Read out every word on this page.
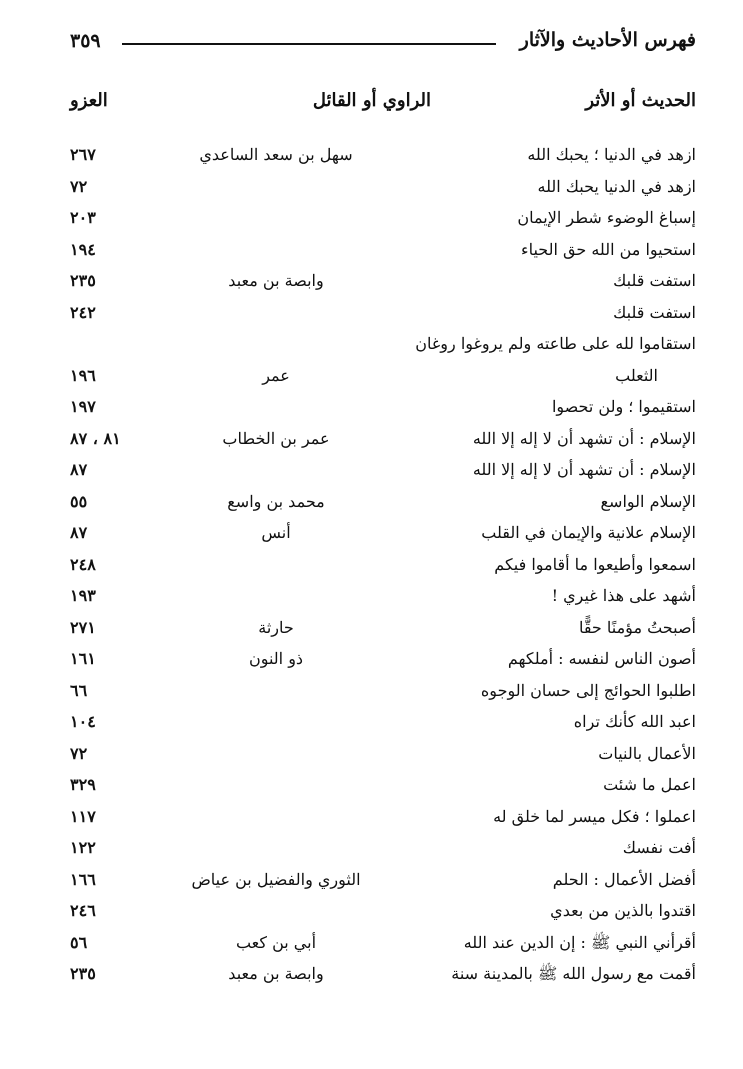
٣٥٩	فهرس الأحاديث والآثار
الحديث أو الأثر
الراوي أو القائل
العزو
ازهد في الدنيا ؛ يحبك الله
سهل بن سعد الساعدي
٢٦٧
ازهد في الدنيا يحبك الله
٧٢
إسباغ الوضوء شطر الإيمان
٢٠٣
استحيوا من الله حق الحياء
١٩٤
استفت قلبك
وابصة بن معبد
٢٣٥
استفت قلبك
٢٤٢
استقاموا لله على طاعته ولم يروغوا روغان
الثعلب
عمر
١٩٦
استقيموا ؛ ولن تحصوا
١٩٧
الإسلام : أن تشهد أن لا إله إلا الله
عمر بن الخطاب
٨١ ، ٨٧
الإسلام : أن تشهد أن لا إله إلا الله
٨٧
الإسلام الواسع
محمد بن واسع
٥٥
الإسلام علانية والإيمان في القلب
أنس
٨٧
اسمعوا وأطيعوا ما أقاموا فيكم
٢٤٨
أشهد على هذا غيري !
١٩٣
أصبحتُ مؤمنًا حقًّا
حارثة
٢٧١
أصون الناس لنفسه : أملكهم
ذو النون
١٦١
اطلبوا الحوائج إلى حسان الوجوه
٦٦
اعبد الله كأنك تراه
١٠٤
الأعمال بالنيات
٧٢
اعمل ما شئت
٣٢٩
اعملوا ؛ فكل ميسر لما خلق له
١١٧
أفت نفسك
١٢٢
أفضل الأعمال : الحلم
الثوري والفضيل بن عياض
١٦٦
اقتدوا بالذين من بعدي
٢٤٦
أقرأني النبي ﷺ : إن الدين عند الله
أبي بن كعب
٥٦
أقمت مع رسول الله ﷺ بالمدينة سنة
وابصة بن معبد
٢٣٥
